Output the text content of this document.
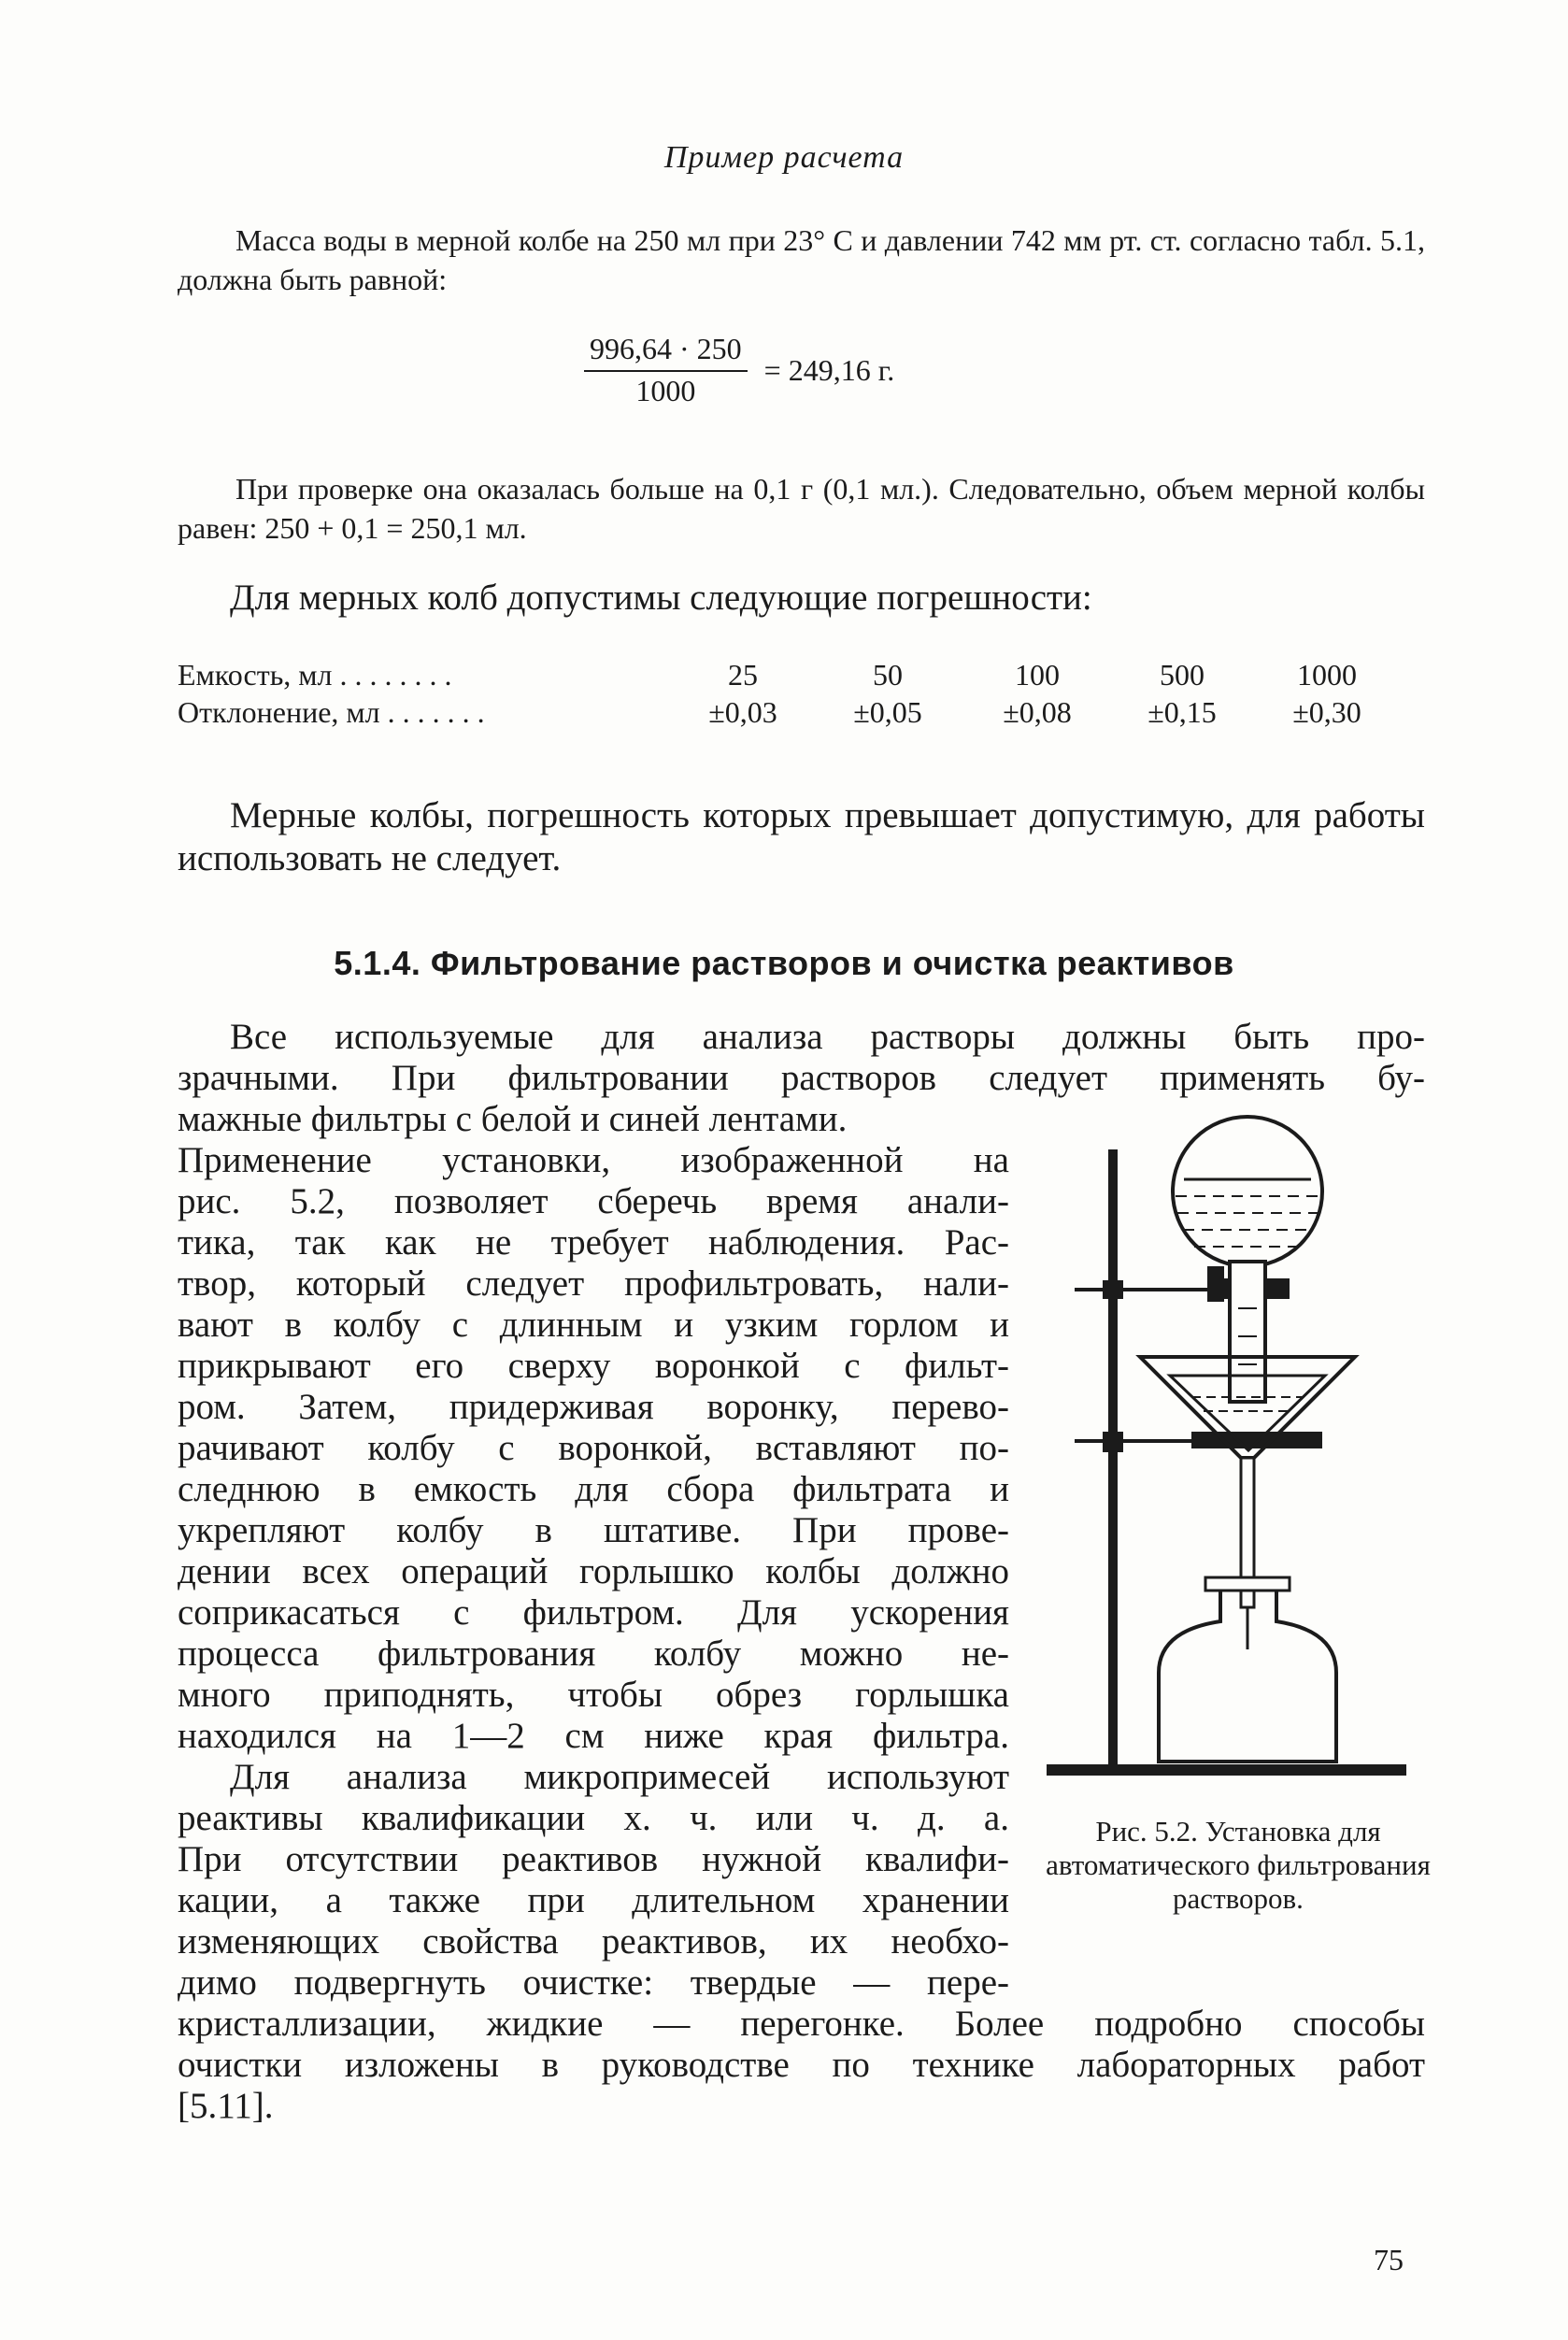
Пример расчета
Масса воды в мерной колбе на 250 мл при 23° С и давлении 742 мм рт. ст. согласно табл. 5.1, должна быть равной:
$\frac{996,64 \cdot 250}{1000} = 249,16$ г.
При проверке она оказалась больше на 0,1 г (0,1 мл.). Следовательно, объем мерной колбы равен: 250 + 0,1 = 250,1 мл.
Для мерных колб допустимы следующие погрешности:
Емкость, мл . . . . . . . .	25	50	100	500	1000
Отклонение, мл . . . . . . .	±0,03	±0,05	±0,08	±0,15	±0,30
Мерные колбы, погрешность которых превышает допустимую, для работы использовать не следует.
5.1.4. Фильтрование растворов и очистка реактивов
Все используемые для анализа растворы должны быть про-
зрачными. При фильтровании растворов следует применять бу-
мажные фильтры с белой и синей лентами.
Применение установки, изображенной на
рис. 5.2, позволяет сберечь время анали-
тика, так как не требует наблюдения. Рас-
твор, который следует профильтровать, нали-
вают в колбу с длинным и узким горлом и
прикрывают его сверху воронкой с фильт-
ром. Затем, придерживая воронку, перево-
рачивают колбу с воронкой, вставляют по-
следнюю в емкость для сбора фильтрата и
укрепляют колбу в штативе. При прове-
дении всех операций горлышко колбы должно
соприкасаться с фильтром. Для ускорения
процесса фильтрования колбу можно не-
много приподнять, чтобы обрез горлышка
находился на 1—2 см ниже края фильтра.
Для анализа микропримесей используют
реактивы квалификации х. ч. или ч. д. а.
При отсутствии реактивов нужной квалифи-
кации, а также при длительном хранении
изменяющих свойства реактивов, их необхо-
димо подвергнуть очистке: твердые — пере-
кристаллизации, жидкие — перегонке. Более подробно способы
очистки изложены в руководстве по технике лабораторных работ
[5.11].
Рис. 5.2. Установка для автоматического фильтрования растворов.
75
